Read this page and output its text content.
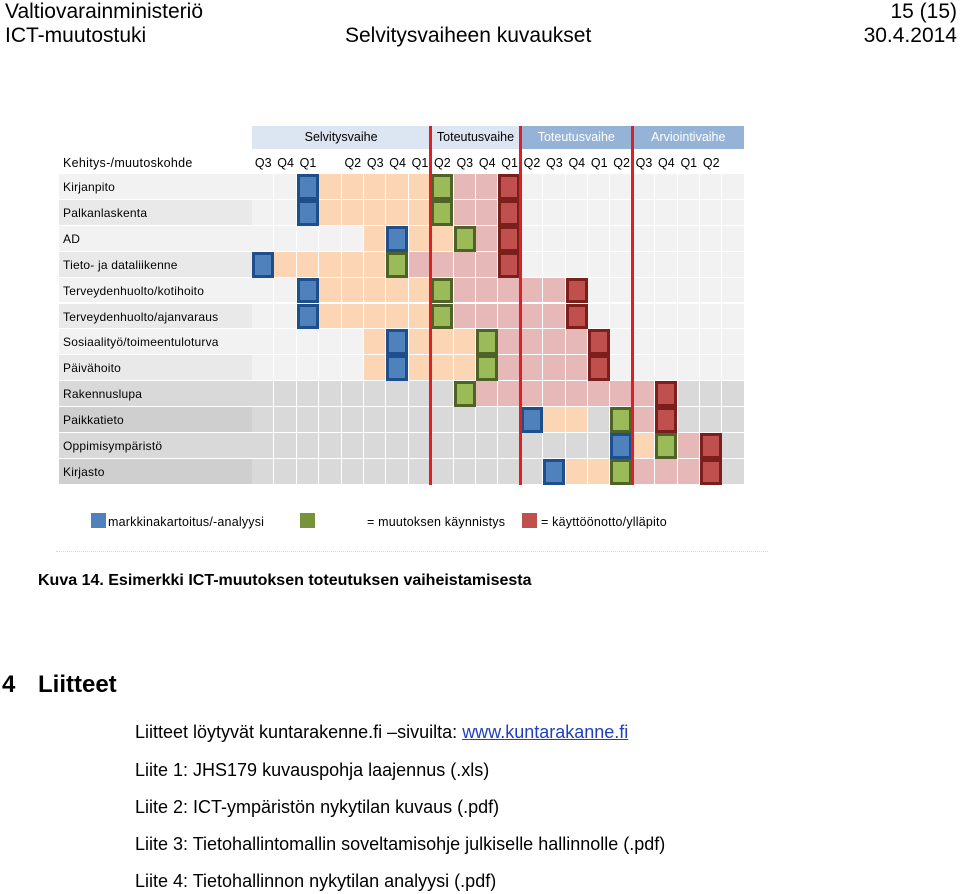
Valtiovarainministeriö	15 (15)
ICT-muutostuki	Selvitysvaiheen kuvaukset	30.4.2014
Kehitys-/muutoskohde
Selvitysvaihe	Toteutusvaihe	Toteutusvaihe	Arviointivaihe
Q3 Q4 Q1 Q2 Q3 Q4 Q1 Q2 Q3 Q4 Q1 Q2 Q3 Q4 Q1 Q2 Q3 Q4 Q1 Q2
Kirjanpito
Palkanlaskenta
AD
Tieto- ja dataliikenne
Terveydenhuolto/kotihoito
Terveydenhuolto/ajanvaraus
Sosiaalityö/toimeentuloturva
Päivähoito
Rakennuslupa
Paikkatieto
Oppimisympäristö
Kirjasto
markkinakartoitus/-analyysi	= muutoksen käynnistys	= käyttöönotto/ylläpito
Kuva 14. Esimerkki ICT-muutoksen toteutuksen vaiheistamisesta
4 Liitteet
Liitteet löytyvät kuntarakenne.fi –sivuilta: www.kuntarakanne.fi
Liite 1: JHS179 kuvauspohja laajennus (.xls)
Liite 2: ICT-ympäristön nykytilan kuvaus (.pdf)
Liite 3: Tietohallintomallin soveltamisohje julkiselle hallinnolle (.pdf)
Liite 4: Tietohallinnon nykytilan analyysi (.pdf)
